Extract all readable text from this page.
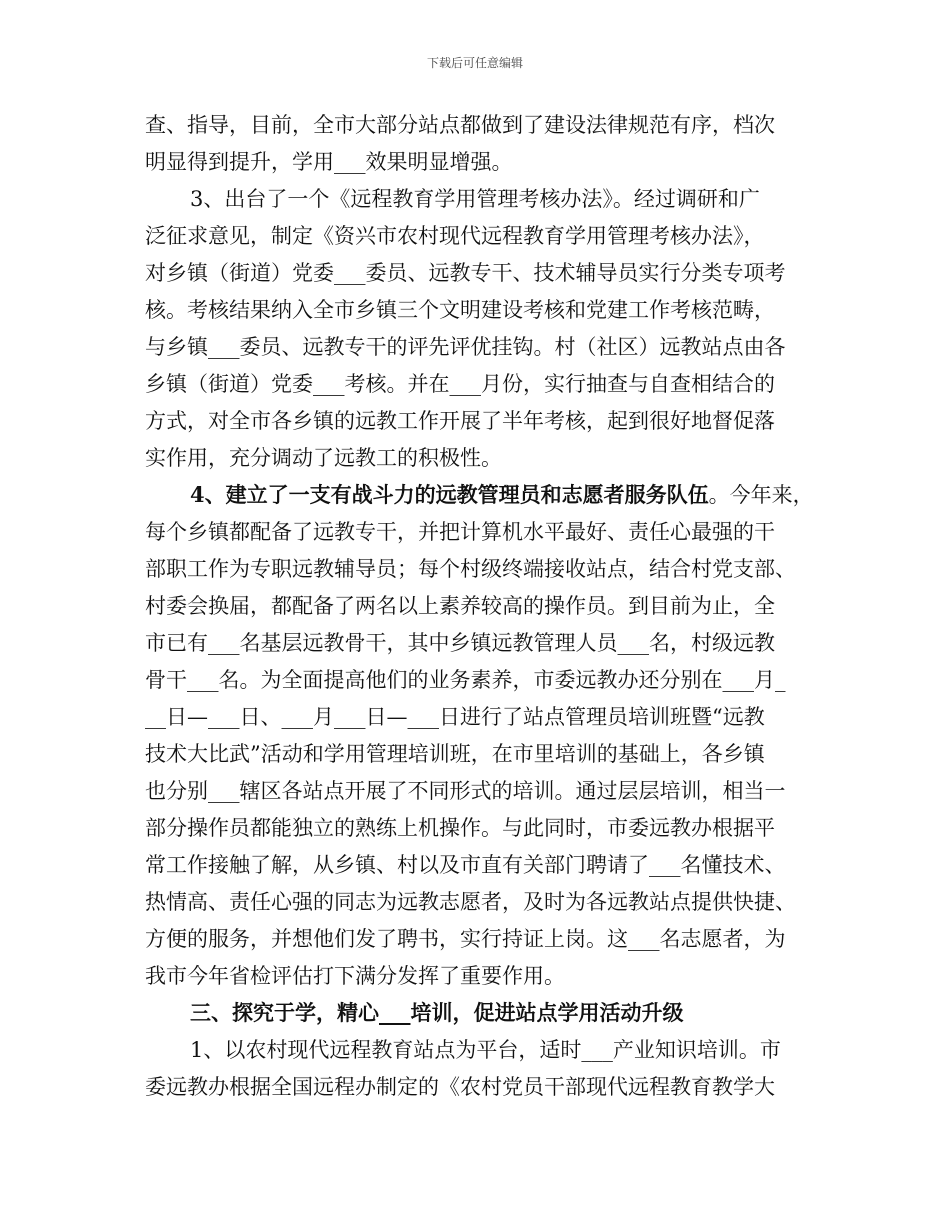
下载后可任意编辑
查、指导，目前，全市大部分站点都做到了建设法律规范有序，档次
明显得到提升，学用___效果明显增强。
3、出台了一个《远程教育学用管理考核办法》。经过调研和广
泛征求意见，制定《资兴市农村现代远程教育学用管理考核办法》，
对乡镇（街道）党委___委员、远教专干、技术辅导员实行分类专项考
核。考核结果纳入全市乡镇三个文明建设考核和党建工作考核范畴，
与乡镇___委员、远教专干的评先评优挂钩。村（社区）远教站点由各
乡镇（街道）党委___考核。并在___月份，实行抽查与自查相结合的
方式，对全市各乡镇的远教工作开展了半年考核，起到很好地督促落
实作用，充分调动了远教工的积极性。
4、建立了一支有战斗力的远教管理员和志愿者服务队伍。今年来，
每个乡镇都配备了远教专干，并把计算机水平最好、责任心最强的干
部职工作为专职远教辅导员；每个村级终端接收站点，结合村党支部、
村委会换届，都配备了两名以上素养较高的操作员。到目前为止，全
市已有___名基层远教骨干，其中乡镇远教管理人员___名，村级远教
骨干___名。为全面提高他们的业务素养，市委远教办还分别在___月_
__日—___日、___月___日—___日进行了站点管理员培训班暨“远教
技术大比武”活动和学用管理培训班，在市里培训的基础上，各乡镇
也分别___辖区各站点开展了不同形式的培训。通过层层培训，相当一
部分操作员都能独立的熟练上机操作。与此同时，市委远教办根据平
常工作接触了解，从乡镇、村以及市直有关部门聘请了___名懂技术、
热情高、责任心强的同志为远教志愿者，及时为各远教站点提供快捷、
方便的服务，并想他们发了聘书，实行持证上岗。这___名志愿者，为
我市今年省检评估打下满分发挥了重要作用。
三、探究于学，精心___培训，促进站点学用活动升级
1、以农村现代远程教育站点为平台，适时___产业知识培训。市
委远教办根据全国远程办制定的《农村党员干部现代远程教育教学大
